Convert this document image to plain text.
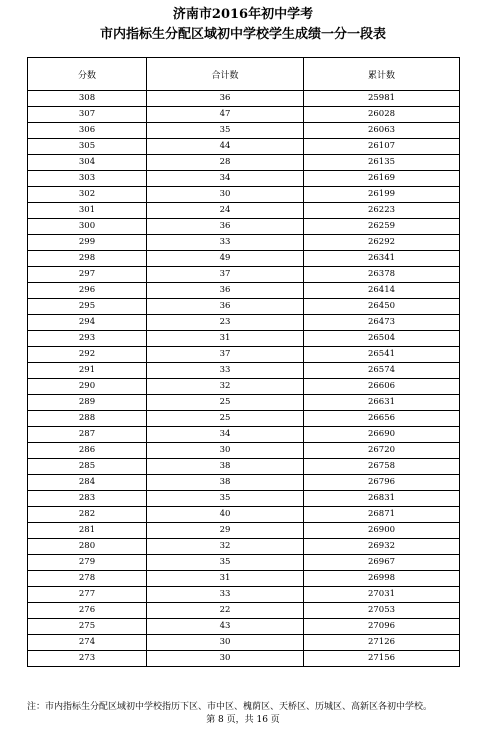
济南市2016年初中学考
市内指标生分配区域初中学校学生成绩一分一段表
分数	合计数	累计数
308	36	25981
307	47	26028
306	35	26063
305	44	26107
304	28	26135
303	34	26169
302	30	26199
301	24	26223
300	36	26259
299	33	26292
298	49	26341
297	37	26378
296	36	26414
295	36	26450
294	23	26473
293	31	26504
292	37	26541
291	33	26574
290	32	26606
289	25	26631
288	25	26656
287	34	26690
286	30	26720
285	38	26758
284	38	26796
283	35	26831
282	40	26871
281	29	26900
280	32	26932
279	35	26967
278	31	26998
277	33	27031
276	22	27053
275	43	27096
274	30	27126
273	30	27156
注：市内指标生分配区域初中学校指历下区、市中区、槐荫区、天桥区、历城区、高新区各初中学校。
第 8 页，共 16 页
